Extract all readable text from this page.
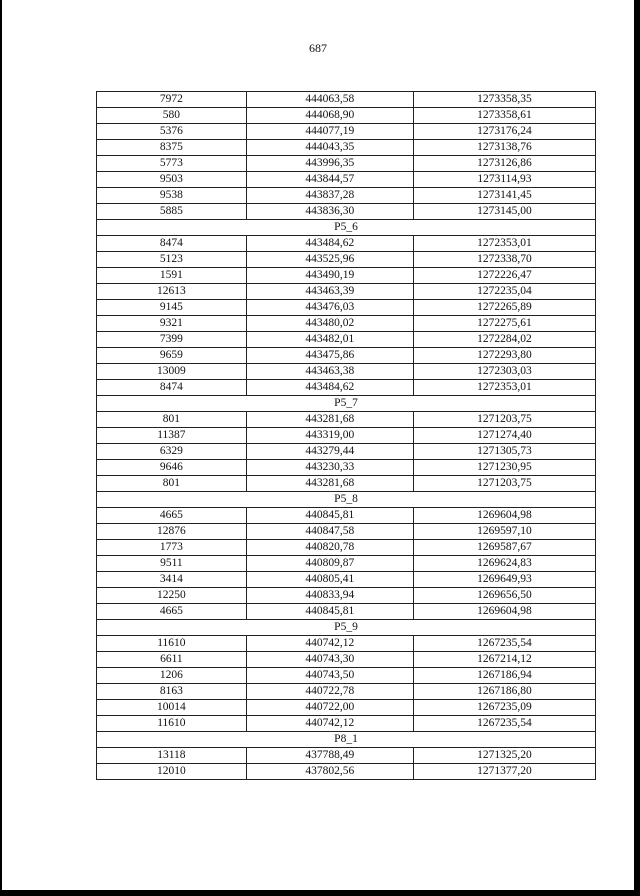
687
7972	444063,58	1273358,35
580	444068,90	1273358,61
5376	444077,19	1273176,24
8375	444043,35	1273138,76
5773	443996,35	1273126,86
9503	443844,57	1273114,93
9538	443837,28	1273141,45
5885	443836,30	1273145,00
P5_6		
8474	443484,62	1272353,01
5123	443525,96	1272338,70
1591	443490,19	1272226,47
12613	443463,39	1272235,04
9145	443476,03	1272265,89
9321	443480,02	1272275,61
7399	443482,01	1272284,02
9659	443475,86	1272293,80
13009	443463,38	1272303,03
8474	443484,62	1272353,01
P5_7		
801	443281,68	1271203,75
11387	443319,00	1271274,40
6329	443279,44	1271305,73
9646	443230,33	1271230,95
801	443281,68	1271203,75
P5_8		
4665	440845,81	1269604,98
12876	440847,58	1269597,10
1773	440820,78	1269587,67
9511	440809,87	1269624,83
3414	440805,41	1269649,93
12250	440833,94	1269656,50
4665	440845,81	1269604,98
P5_9		
11610	440742,12	1267235,54
6611	440743,30	1267214,12
1206	440743,50	1267186,94
8163	440722,78	1267186,80
10014	440722,00	1267235,09
11610	440742,12	1267235,54
P8_1		
13118	437788,49	1271325,20
12010	437802,56	1271377,20
